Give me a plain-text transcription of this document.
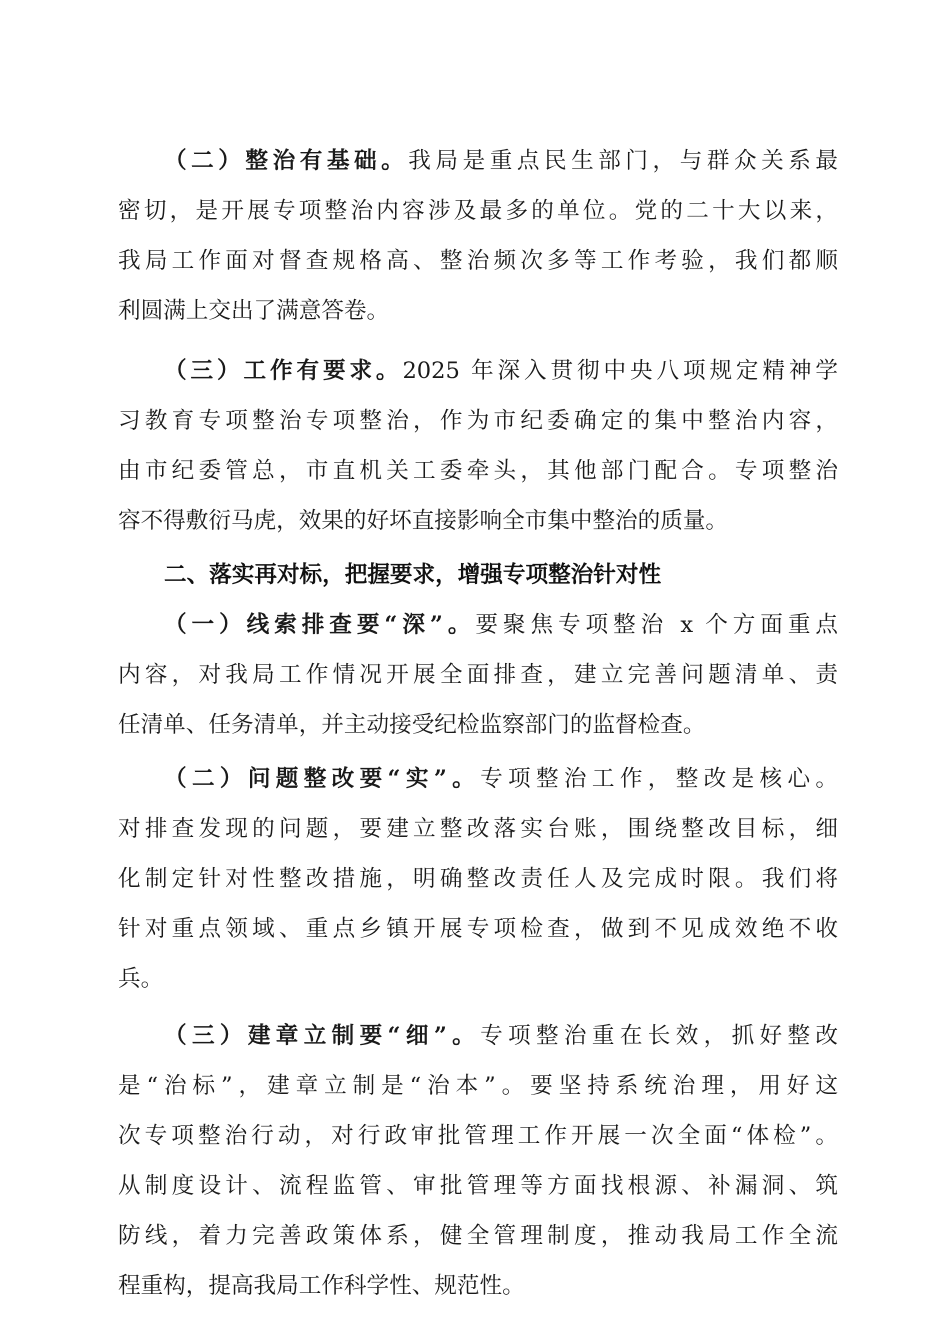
（二）整治有基础。我局是重点民生部门，与群众关系最
密切，是开展专项整治内容涉及最多的单位。党的二十大以来，
我局工作面对督查规格高、整治频次多等工作考验，我们都顺
利圆满上交出了满意答卷。
（三）工作有要求。2025 年深入贯彻中央八项规定精神学
习教育专项整治专项整治，作为市纪委确定的集中整治内容，
由市纪委管总，市直机关工委牵头，其他部门配合。专项整治
容不得敷衍马虎，效果的好坏直接影响全市集中整治的质量。
二、落实再对标，把握要求，增强专项整治针对性
（一）线索排查要“深”。要聚焦专项整治 x 个方面重点
内容，对我局工作情况开展全面排查，建立完善问题清单、责
任清单、任务清单，并主动接受纪检监察部门的监督检查。
（二）问题整改要“实”。专项整治工作，整改是核心。
对排查发现的问题，要建立整改落实台账，围绕整改目标，细
化制定针对性整改措施，明确整改责任人及完成时限。我们将
针对重点领域、重点乡镇开展专项检查，做到不见成效绝不收
兵。
（三）建章立制要“细”。专项整治重在长效，抓好整改
是“治标”，建章立制是“治本”。要坚持系统治理，用好这
次专项整治行动，对行政审批管理工作开展一次全面“体检”。
从制度设计、流程监管、审批管理等方面找根源、补漏洞、筑
防线，着力完善政策体系，健全管理制度，推动我局工作全流
程重构，提高我局工作科学性、规范性。
